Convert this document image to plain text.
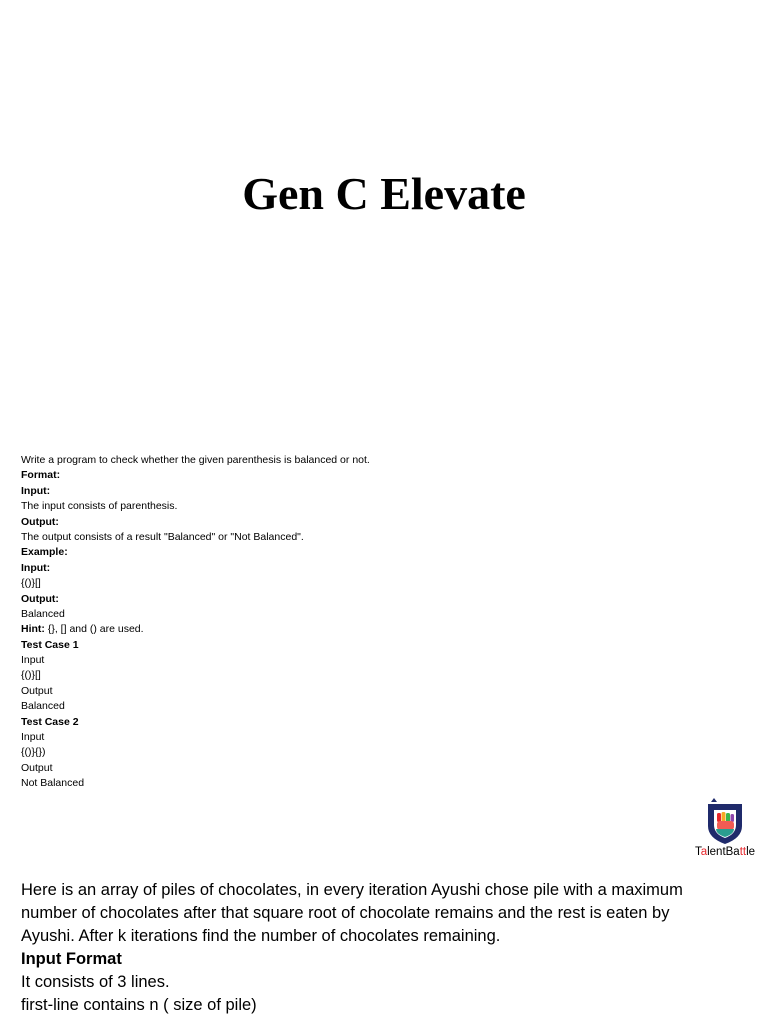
Gen C Elevate
Write a program to check whether the given parenthesis is balanced or not.
Format:
Input:
The input consists of parenthesis.
Output:
The output consists of a result "Balanced" or "Not Balanced".
Example:
Input:
{()}[]
Output:
Balanced
Hint: {}, [] and () are used.
Test Case 1
Input
{()}[]
Output
Balanced
Test Case 2
Input
{()}{})
Output
Not Balanced
TalentBattle
Here is an array of piles of chocolates, in every iteration Ayushi chose pile with a maximum
number of chocolates after that square root of chocolate remains and the rest is eaten by
Ayushi. After k iterations find the number of chocolates remaining.
Input Format
It consists of 3 lines.
first-line contains n ( size of pile)
